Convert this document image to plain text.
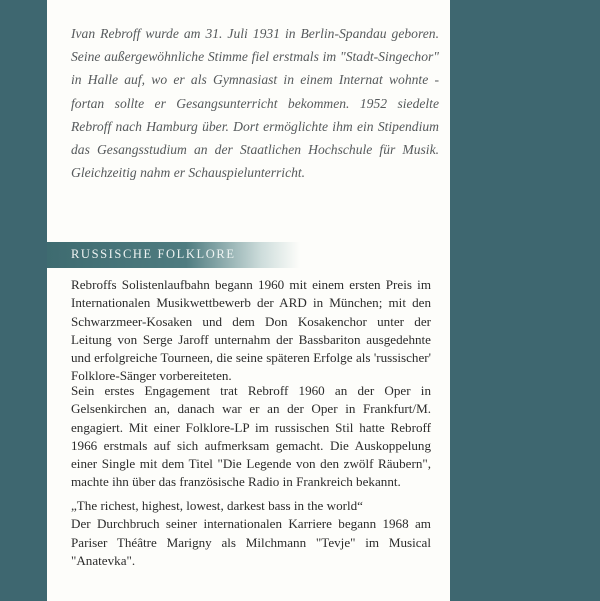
Ivan Rebroff wurde am 31. Juli 1931 in Berlin-Spandau geboren. Seine außergewöhnliche Stimme fiel erstmals im "Stadt-Singechor" in Halle auf, wo er als Gymnasiast in einem Internat wohnte - fortan sollte er Gesangsunterricht bekommen. 1952 siedelte Rebroff nach Hamburg über. Dort ermöglichte ihm ein Stipendium das Gesangsstudium an der Staatlichen Hochschule für Musik. Gleichzeitig nahm er Schauspielunterricht.

Rebroffs Solistenlaufbahn begann 1960 mit einem ersten Preis im Internationalen Musikwettbewerb der ARD in München; mit den Schwarzmeer-Kosaken und dem Don Kosakenchor unter der Leitung von Serge Jaroff unternahm der Bassbariton ausgedehnte und erfolgreiche Tourneen, die seine späteren Erfolge als 'russischer' Folklore-Sänger vorbereiteten.

Sein erstes Engagement trat Rebroff 1960 an der Oper in Gelsenkirchen an, danach war er an der Oper in Frankfurt/M. engagiert. Mit einer Folklore-LP im russischen Stil hatte Rebroff 1966 erstmals auf sich aufmerksam gemacht. Die Auskoppelung einer Single mit dem Titel "Die Legende von den zwölf Räubern", machte ihn über das französische Radio in Frankreich bekannt.

„The richest, highest, lowest, darkest bass in the world“
Der Durchbruch seiner internationalen Karriere begann 1968 am Pariser Théâtre Marigny als Milchmann "Tevje" im Musical "Anatevka".

RUSSISCHE FOLKLORE
